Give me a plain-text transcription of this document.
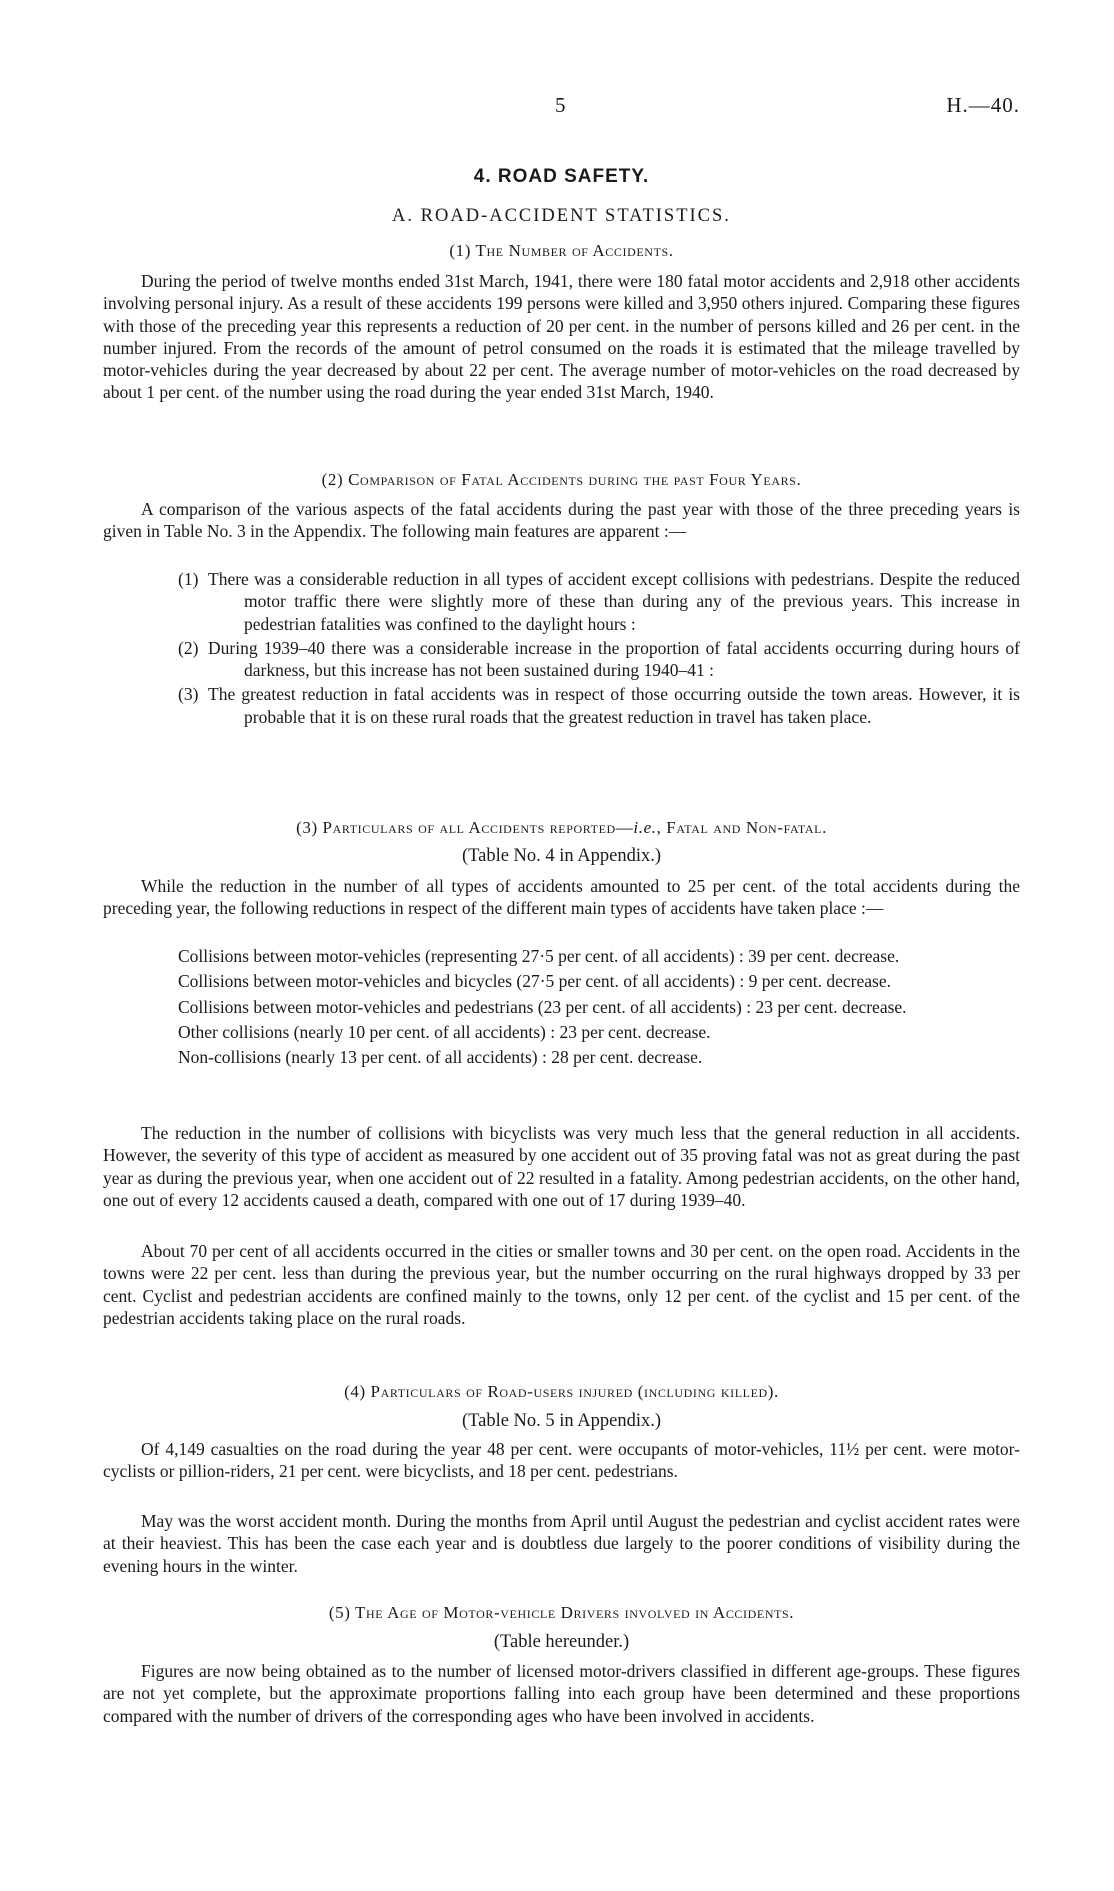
5	H.—40.
4. ROAD SAFETY.
A. ROAD-ACCIDENT STATISTICS.
(1) The Number of Accidents.

During the period of twelve months ended 31st March, 1941, there were 180 fatal motor accidents and 2,918 other accidents involving personal injury. As a result of these accidents 199 persons were killed and 3,950 others injured. Comparing these figures with those of the preceding year this represents a reduction of 20 per cent. in the number of persons killed and 26 per cent. in the number injured. From the records of the amount of petrol consumed on the roads it is estimated that the mileage travelled by motor-vehicles during the year decreased by about 22 per cent. The average number of motor-vehicles on the road decreased by about 1 per cent. of the number using the road during the year ended 31st March, 1940.

(2) Comparison of Fatal Accidents during the past Four Years.

A comparison of the various aspects of the fatal accidents during the past year with those of the three preceding years is given in Table No. 3 in the Appendix. The following main features are apparent :—

(1) There was a considerable reduction in all types of accident except collisions with pedestrians. Despite the reduced motor traffic there were slightly more of these than during any of the previous years. This increase in pedestrian fatalities was confined to the daylight hours :
(2) During 1939–40 there was a considerable increase in the proportion of fatal accidents occurring during hours of darkness, but this increase has not been sustained during 1940–41 :
(3) The greatest reduction in fatal accidents was in respect of those occurring outside the town areas. However, it is probable that it is on these rural roads that the greatest reduction in travel has taken place.
(3) Particulars of all Accidents reported—i.e., Fatal and Non-fatal.
(Table No. 4 in Appendix.)

While the reduction in the number of all types of accidents amounted to 25 per cent. of the total accidents during the preceding year, the following reductions in respect of the different main types of accidents have taken place :—

Collisions between motor-vehicles (representing 27·5 per cent. of all accidents) : 39 per cent. decrease.
Collisions between motor-vehicles and bicycles (27·5 per cent. of all accidents) : 9 per cent. decrease.
Collisions between motor-vehicles and pedestrians (23 per cent. of all accidents) : 23 per cent. decrease.
Other collisions (nearly 10 per cent. of all accidents) : 23 per cent. decrease.
Non-collisions (nearly 13 per cent. of all accidents) : 28 per cent. decrease.

The reduction in the number of collisions with bicyclists was very much less that the general reduction in all accidents. However, the severity of this type of accident as measured by one accident out of 35 proving fatal was not as great during the past year as during the previous year, when one accident out of 22 resulted in a fatality. Among pedestrian accidents, on the other hand, one out of every 12 accidents caused a death, compared with one out of 17 during 1939–40.

About 70 per cent of all accidents occurred in the cities or smaller towns and 30 per cent. on the open road. Accidents in the towns were 22 per cent. less than during the previous year, but the number occurring on the rural highways dropped by 33 per cent. Cyclist and pedestrian accidents are confined mainly to the towns, only 12 per cent. of the cyclist and 15 per cent. of the pedestrian accidents taking place on the rural roads.

(4) Particulars of Road-users injured (including killed).
(Table No. 5 in Appendix.)

Of 4,149 casualties on the road during the year 48 per cent. were occupants of motor-vehicles, 11½ per cent. were motor-cyclists or pillion-riders, 21 per cent. were bicyclists, and 18 per cent. pedestrians.

May was the worst accident month. During the months from April until August the pedestrian and cyclist accident rates were at their heaviest. This has been the case each year and is doubtless due largely to the poorer conditions of visibility during the evening hours in the winter.

(5) The Age of Motor-vehicle Drivers involved in Accidents.
(Table hereunder.)

Figures are now being obtained as to the number of licensed motor-drivers classified in different age-groups. These figures are not yet complete, but the approximate proportions falling into each group have been determined and these proportions compared with the number of drivers of the corresponding ages who have been involved in accidents.
